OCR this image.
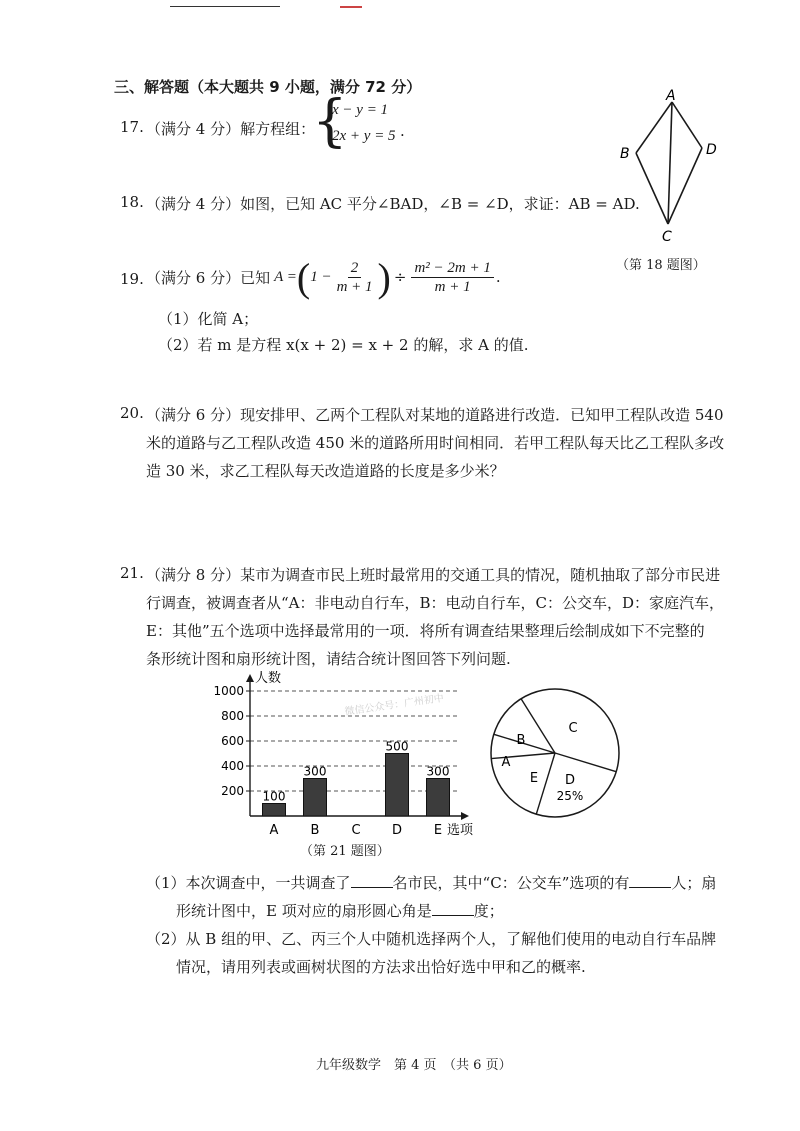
三、解答题（本大题共 9 小题，满分 72 分）
17. （满分 4 分）解方程组：
{
x − y = 1
2x + y = 5 .
A
B	D
C
（第 18 题图）
18. （满分 4 分）如图，已知 AC 平分∠BAD，∠B = ∠D，求证：AB = AD.
19. （满分 6 分）已知 A = ( $1 - \frac{2}{m + 1}$ ) ÷ $\frac{\text{m² − 2m + 1}}{m + 1}$ .
（1）化简 A；
（2）若 m 是方程 x(x + 2) = x + 2 的解，求 A 的值.
20. （满分 6 分）现安排甲、乙两个工程队对某地的道路进行改造．已知甲工程队改造 540
米的道路与乙工程队改造 450 米的道路所用时间相同．若甲工程队每天比乙工程队多改
造 30 米，求乙工程队每天改造道路的长度是多少米？
21. （满分 8 分）某市为调查市民上班时最常用的交通工具的情况，随机抽取了部分市民进
行调查，被调查者从“A：非电动自行车，B：电动自行车，C：公交车，D：家庭汽车，
E：其他”五个选项中选择最常用的一项．将所有调查结果整理后绘制成如下不完整的
条形统计图和扇形统计图，请结合统计图回答下列问题.
200
400
600
800
1000
人数
选项
A
100
B
300
C D
500
E
300
微信公众号：广州初中
C
B
A
E D
25%
（第 21 题图）
（1）本次调查中，一共调查了	名市民，其中“C：公交车”选项的有	人；扇
形统计图中，E 项对应的扇形圆心角是	度；
（2）从 B 组的甲、乙、丙三个人中随机选择两个人，了解他们使用的电动自行车品牌
情况，请用列表或画树状图的方法求出恰好选中甲和乙的概率.
九年级数学　第 4 页　（共 6 页）
